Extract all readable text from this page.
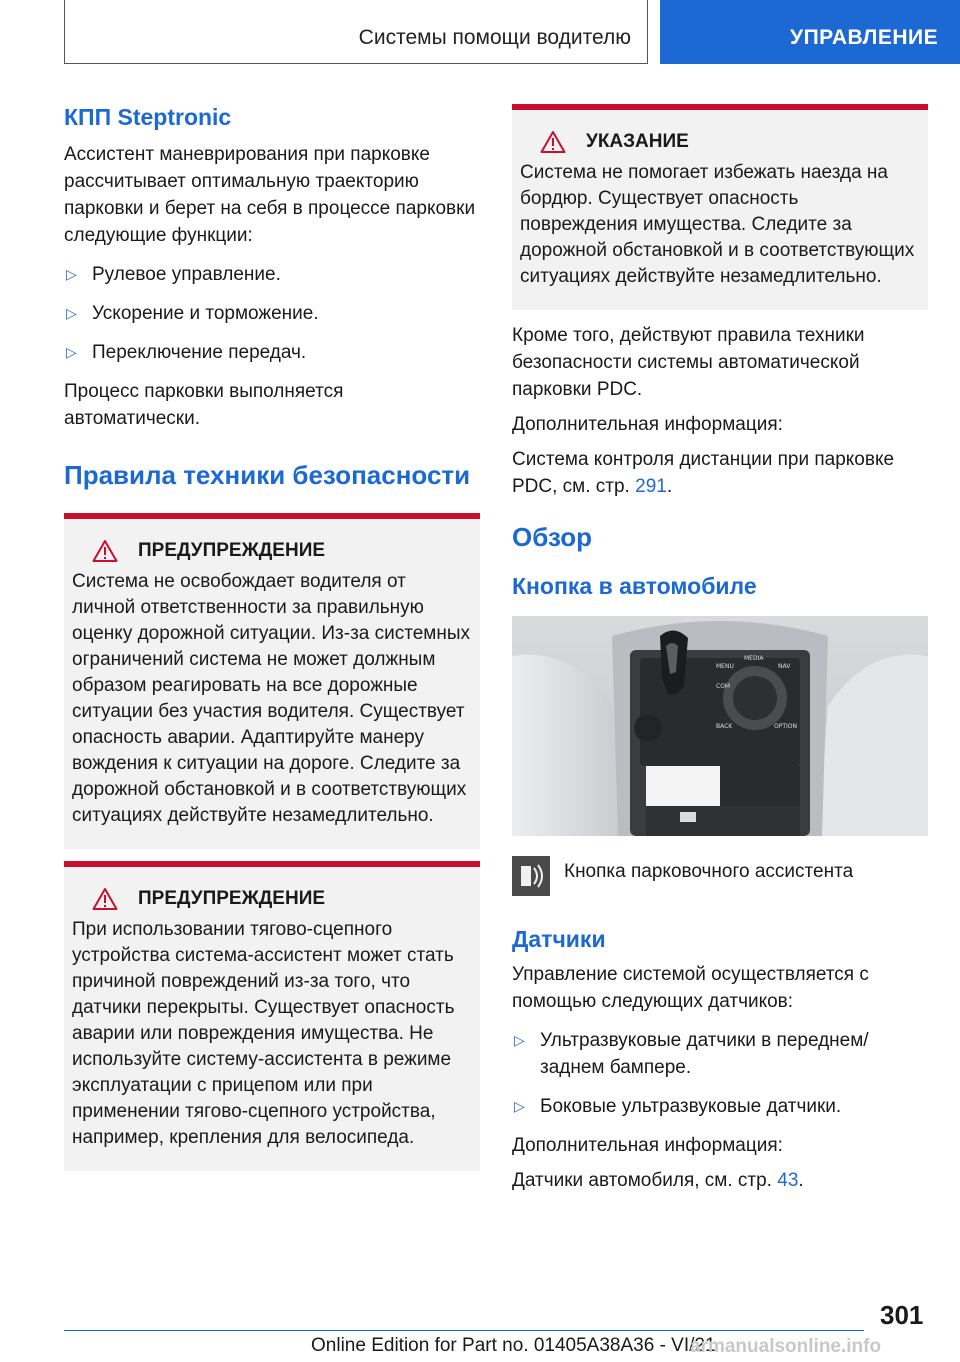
Системы помощи водителю	УПРАВЛЕНИЕ
КПП Steptronic

Ассистент маневрирования при парковке рассчитывает оптимальную траекторию парковки и берет на себя в процессе парковки следующие функции:

▷ Рулевое управление.
▷ Ускорение и торможение.
▷ Переключение передач.

Процесс парковки выполняется автоматически.

Правила техники безопасности
ПРЕДУПРЕЖДЕНИЕ

Система не освобождает водителя от личной ответственности за правильную оценку дорожной ситуации. Из-за системных ограничений система не может должным образом реагировать на все дорожные ситуации без участия водителя. Существует опасность аварии. Адаптируйте манеру вождения к ситуации на дороге. Следите за дорожной обстановкой и в соответствующих ситуациях действуйте незамедлительно.

ПРЕДУПРЕЖДЕНИЕ

При использовании тягово-сцепного устройства система-ассистент может стать причиной повреждений из-за того, что датчики перекрыты. Существует опасность аварии или повреждения имущества. Не используйте систему-ассистента в режиме эксплуатации с прицепом или при применении тягово-сцепного устройства, например, крепления для велосипеда.

УКАЗАНИЕ

Система не помогает избежать наезда на бордюр. Существует опасность повреждения имущества. Следите за дорожной обстановкой и в соответствующих ситуациях действуйте незамедлительно.

Кроме того, действуют правила техники безопасности системы автоматической парковки PDC.

Дополнительная информация:

Система контроля дистанции при парковке PDC, см. стр. 291.

Обзор
Кнопка в автомобиле
MENU
MEDIA
NAV
COM
BACK	OPTION
Кнопка парковочного ассистента
Датчики

Управление системой осуществляется с помощью следующих датчиков:

▷ Ультразвуковые датчики в переднем/ заднем бампере.
▷ Боковые ультразвуковые датчики.

Дополнительная информация:

Датчики автомобиля, см. стр. 43.

301
Online Edition for Part no. 01405A38A36 - VI/21
armanualsonline.info
